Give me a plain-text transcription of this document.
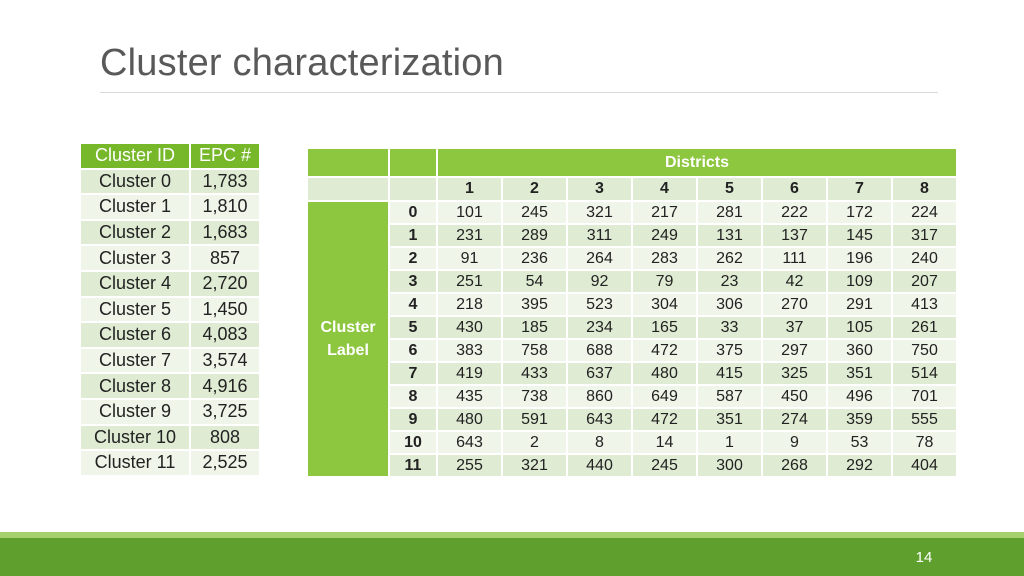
Cluster characterization
Cluster ID	EPC #
Cluster 0	1,783
Cluster 1	1,810
Cluster 2	1,683
Cluster 3	857
Cluster 4	2,720
Cluster 5	1,450
Cluster 6	4,083
Cluster 7	3,574
Cluster 8	4,916
Cluster 9	3,725
Cluster 10	808
Cluster 11	2,525
		Districts							
		1	2	3	4	5	6	7	8
Cluster Label	0	101	245	321	217	281	222	172	224
	1	231	289	311	249	131	137	145	317
	2	91	236	264	283	262	111	196	240
	3	251	54	92	79	23	42	109	207
	4	218	395	523	304	306	270	291	413
	5	430	185	234	165	33	37	105	261
	6	383	758	688	472	375	297	360	750
	7	419	433	637	480	415	325	351	514
	8	435	738	860	649	587	450	496	701
	9	480	591	643	472	351	274	359	555
	10	643	2	8	14	1	9	53	78
	11	255	321	440	245	300	268	292	404
14
